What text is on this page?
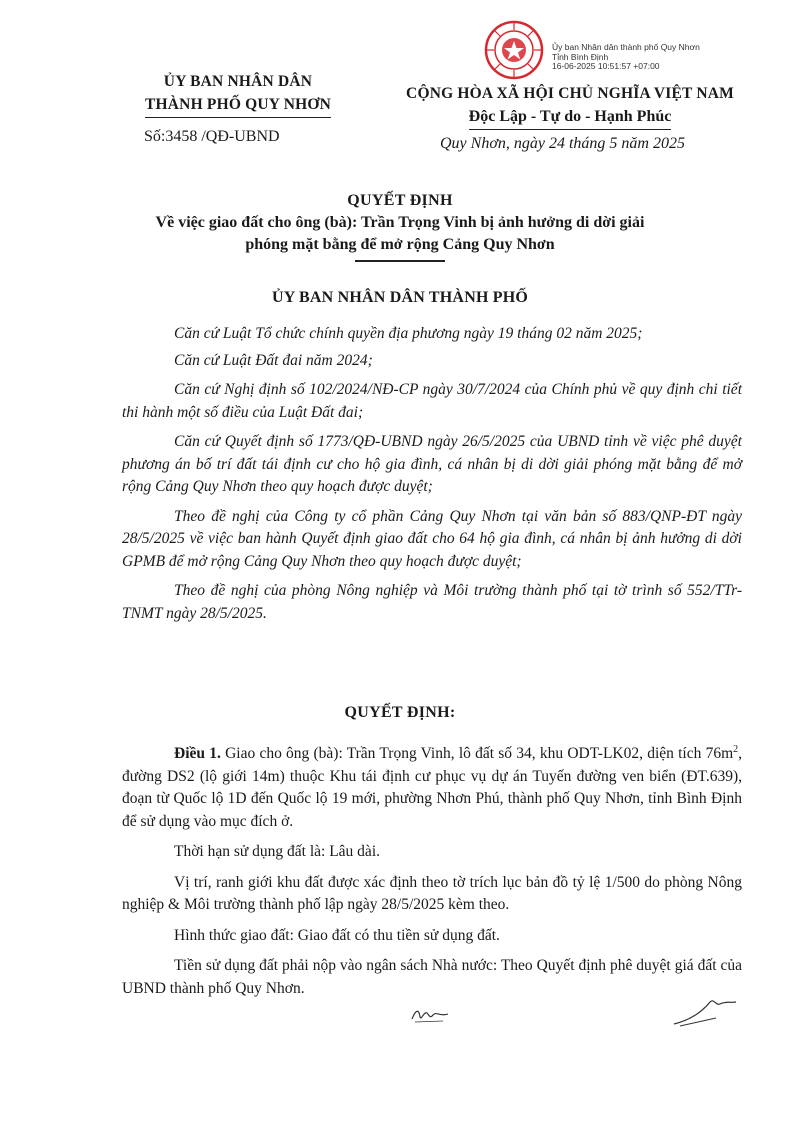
Ủy ban Nhân dân thành phố Quy Nhơn
Tỉnh Bình Định
16-06-2025 10:51:57 +07:00
ỦY BAN NHÂN DÂN
THÀNH PHỐ QUY NHƠN
Số:3458 /QĐ-UBND
CỘNG HÒA XÃ HỘI CHỦ NGHĨA VIỆT NAM
Độc Lập - Tự do - Hạnh Phúc
Quy Nhơn, ngày 24 tháng 5 năm 2025
QUYẾT ĐỊNH
Về việc giao đất cho ông (bà): Trần Trọng Vinh bị ảnh hưởng di dời giải
phóng mặt bằng để mở rộng Cảng Quy Nhơn
ỦY BAN NHÂN DÂN THÀNH PHỐ

Căn cứ Luật Tổ chức chính quyền địa phương ngày 19 tháng 02 năm 2025;

Căn cứ Luật Đất đai năm 2024;

Căn cứ Nghị định số 102/2024/NĐ-CP ngày 30/7/2024 của Chính phủ về quy định chi tiết thi hành một số điều của Luật Đất đai;

Căn cứ Quyết định số 1773/QĐ-UBND ngày 26/5/2025 của UBND tỉnh về việc phê duyệt phương án bố trí đất tái định cư cho hộ gia đình, cá nhân bị di dời giải phóng mặt bằng để mở rộng Cảng Quy Nhơn theo quy hoạch được duyệt;

Theo đề nghị của Công ty cổ phần Cảng Quy Nhơn tại văn bản số 883/QNP-ĐT ngày 28/5/2025 về việc ban hành Quyết định giao đất cho 64 hộ gia đình, cá nhân bị ảnh hưởng di dời GPMB để mở rộng Cảng Quy Nhơn theo quy hoạch được duyệt;

Theo đề nghị của phòng Nông nghiệp và Môi trường thành phố tại tờ trình số 552/TTr-TNMT ngày 28/5/2025.

QUYẾT ĐỊNH:

Điều 1. Giao cho ông (bà): Trần Trọng Vinh, lô đất số 34, khu ODT-LK02, diện tích $76m^2$, đường DS2 (lộ giới 14m) thuộc Khu tái định cư phục vụ dự án Tuyến đường ven biển (ĐT.639), đoạn từ Quốc lộ 1D đến Quốc lộ 19 mới, phường Nhơn Phú, thành phố Quy Nhơn, tỉnh Bình Định để sử dụng vào mục đích ở.

Thời hạn sử dụng đất là: Lâu dài.

Vị trí, ranh giới khu đất được xác định theo tờ trích lục bản đồ tỷ lệ 1/500 do phòng Nông nghiệp & Môi trường thành phố lập ngày 28/5/2025 kèm theo.

Hình thức giao đất: Giao đất có thu tiền sử dụng đất.

Tiền sử dụng đất phải nộp vào ngân sách Nhà nước: Theo Quyết định phê duyệt giá đất của UBND thành phố Quy Nhơn.
